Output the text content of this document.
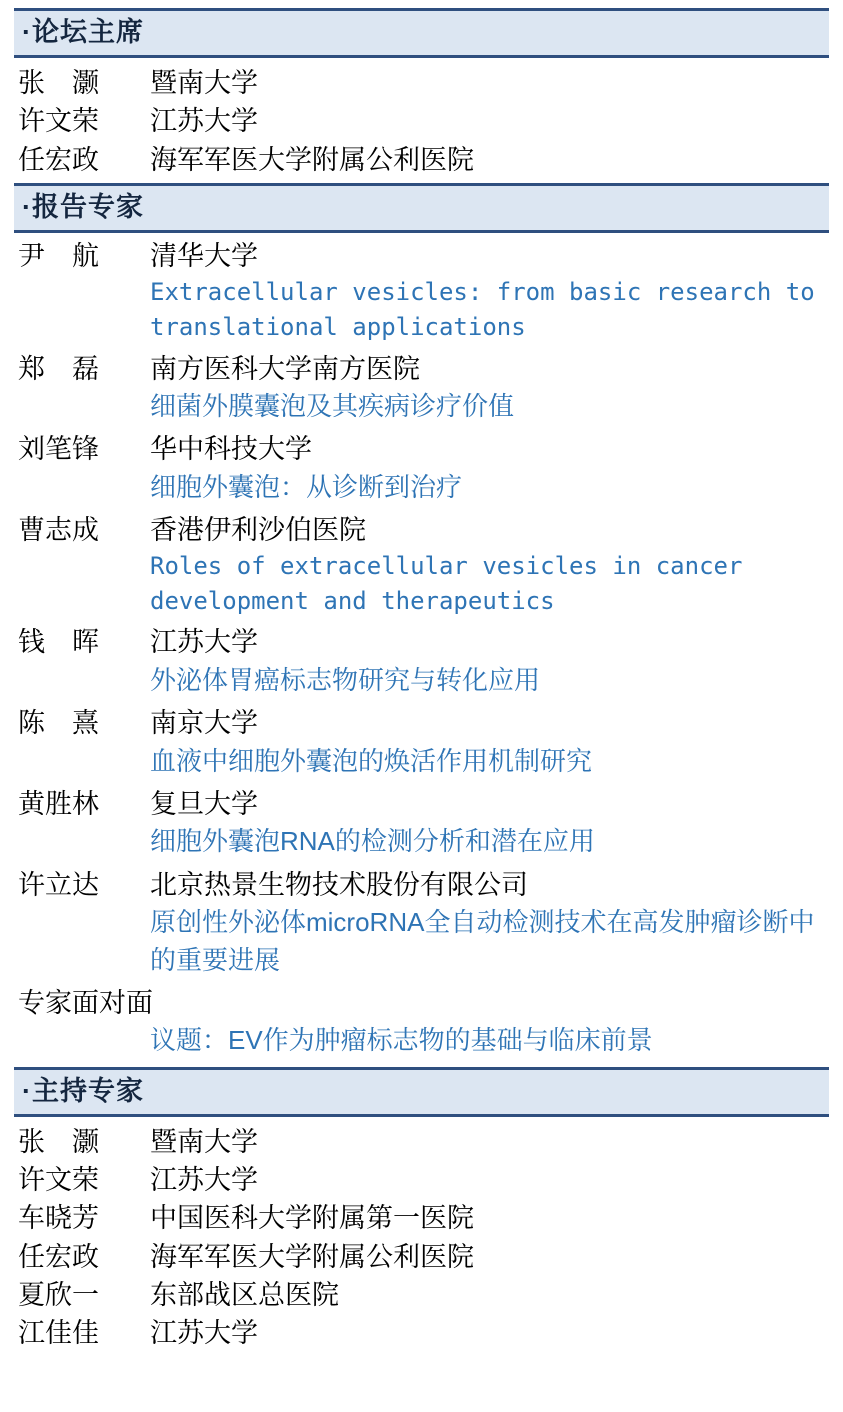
·论坛主席
张　灏	暨南大学
许文荣	江苏大学
任宏政	海军军医大学附属公利医院
·报告专家
尹　航	清华大学
Extracellular vesicles: from basic research to translational applications
郑　磊	南方医科大学南方医院
细菌外膜囊泡及其疾病诊疗价值
刘笔锋	华中科技大学
细胞外囊泡：从诊断到治疗
曹志成	香港伊利沙伯医院
Roles of extracellular vesicles in cancer development and therapeutics
钱　晖	江苏大学
外泌体胃癌标志物研究与转化应用
陈　熹	南京大学
血液中细胞外囊泡的焕活作用机制研究
黄胜林	复旦大学
细胞外囊泡RNA的检测分析和潜在应用
许立达	北京热景生物技术股份有限公司
原创性外泌体microRNA全自动检测技术在高发肿瘤诊断中的重要进展
专家面对面
议题：EV作为肿瘤标志物的基础与临床前景
·主持专家
张　灏	暨南大学
许文荣	江苏大学
车晓芳	中国医科大学附属第一医院
任宏政	海军军医大学附属公利医院
夏欣一	东部战区总医院
江佳佳	江苏大学
